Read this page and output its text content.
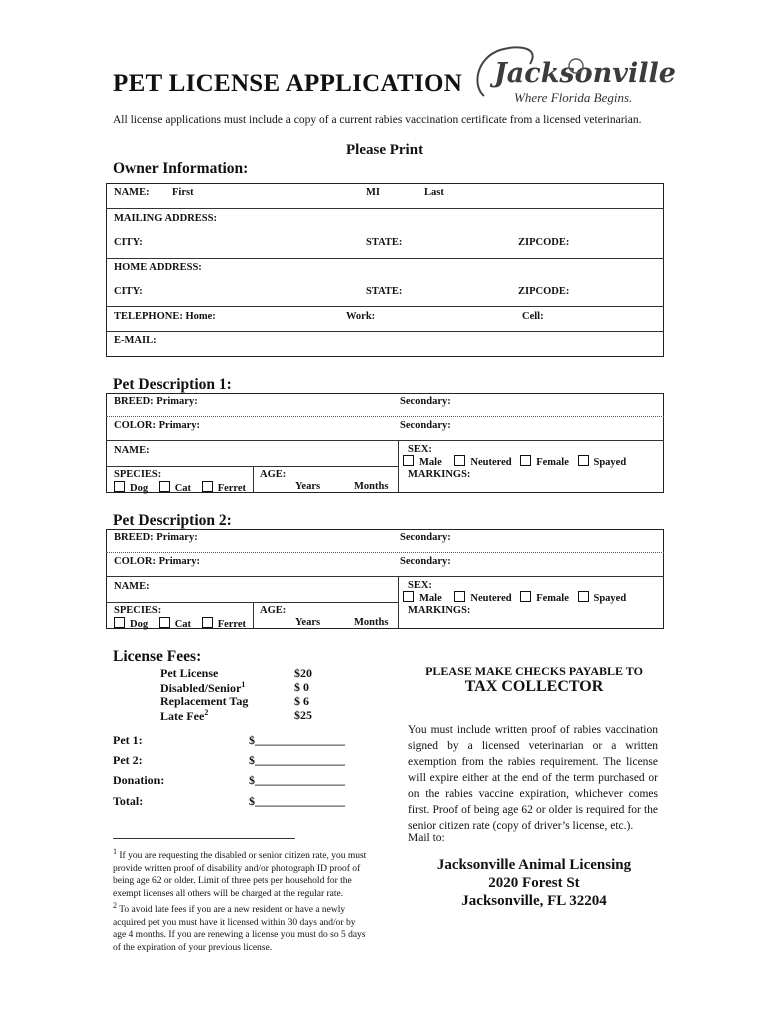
PET LICENSE APPLICATION
All license applications must include a copy of a current rabies vaccination certificate from a licensed veterinarian.
Please Print
Jacksonville
Where Florida Begins.
Owner Information:
NAME: First	MI	Last
MAILING ADDRESS:
CITY:	STATE:	ZIPCODE:
HOME ADDRESS:
CITY:	STATE:	ZIPCODE:
TELEPHONE: Home:	Work:	Cell:
E-MAIL:
Pet Description 1:
BREED: Primary:	Secondary:
COLOR: Primary:	Secondary:
NAME:	SEX:
Male	Neutered Female Spayed
MARKINGS:
SPECIES:
Dog	Cat	Ferret
AGE:
Years	Months
Pet Description 2:
BREED: Primary:	Secondary:
COLOR: Primary:	Secondary:
NAME:	SEX:
Male	Neutered Female Spayed
MARKINGS:
SPECIES:
Dog	Cat	Ferret
AGE:
Years	Months
License Fees:
Pet License	$20
Disabled/Senior$^1$	$ 0
Replacement Tag	$ 6
Late Fee$^2$	$25
Pet 1:	$_______________
Pet 2:	$_______________
Donation:	$_______________
Total:	$_______________
PLEASE MAKE CHECKS PAYABLE TO
TAX COLLECTOR
You must include written proof of rabies vaccination signed by a licensed veterinarian or a written exemption from the rabies requirement. The license will expire either at the end of the term purchased or on the rabies vaccine expiration, whichever comes first. Proof of being age 62 or older is required for the senior citizen rate (copy of driver’s license, etc.).
Mail to:
Jacksonville Animal Licensing
2020 Forest St
Jacksonville, FL 32204
$^1$ If you are requesting the disabled or senior citizen rate, you must provide written proof of disability and/or photograph ID proof of being age 62 or older. Limit of three pets per household for the exempt licenses all others will be charged at the regular rate.
$^2$ To avoid late fees if you are a new resident or have a newly acquired pet you must have it licensed within 30 days and/or by age 4 months. If you are renewing a license you must do so 5 days of the expiration of your previous license.
